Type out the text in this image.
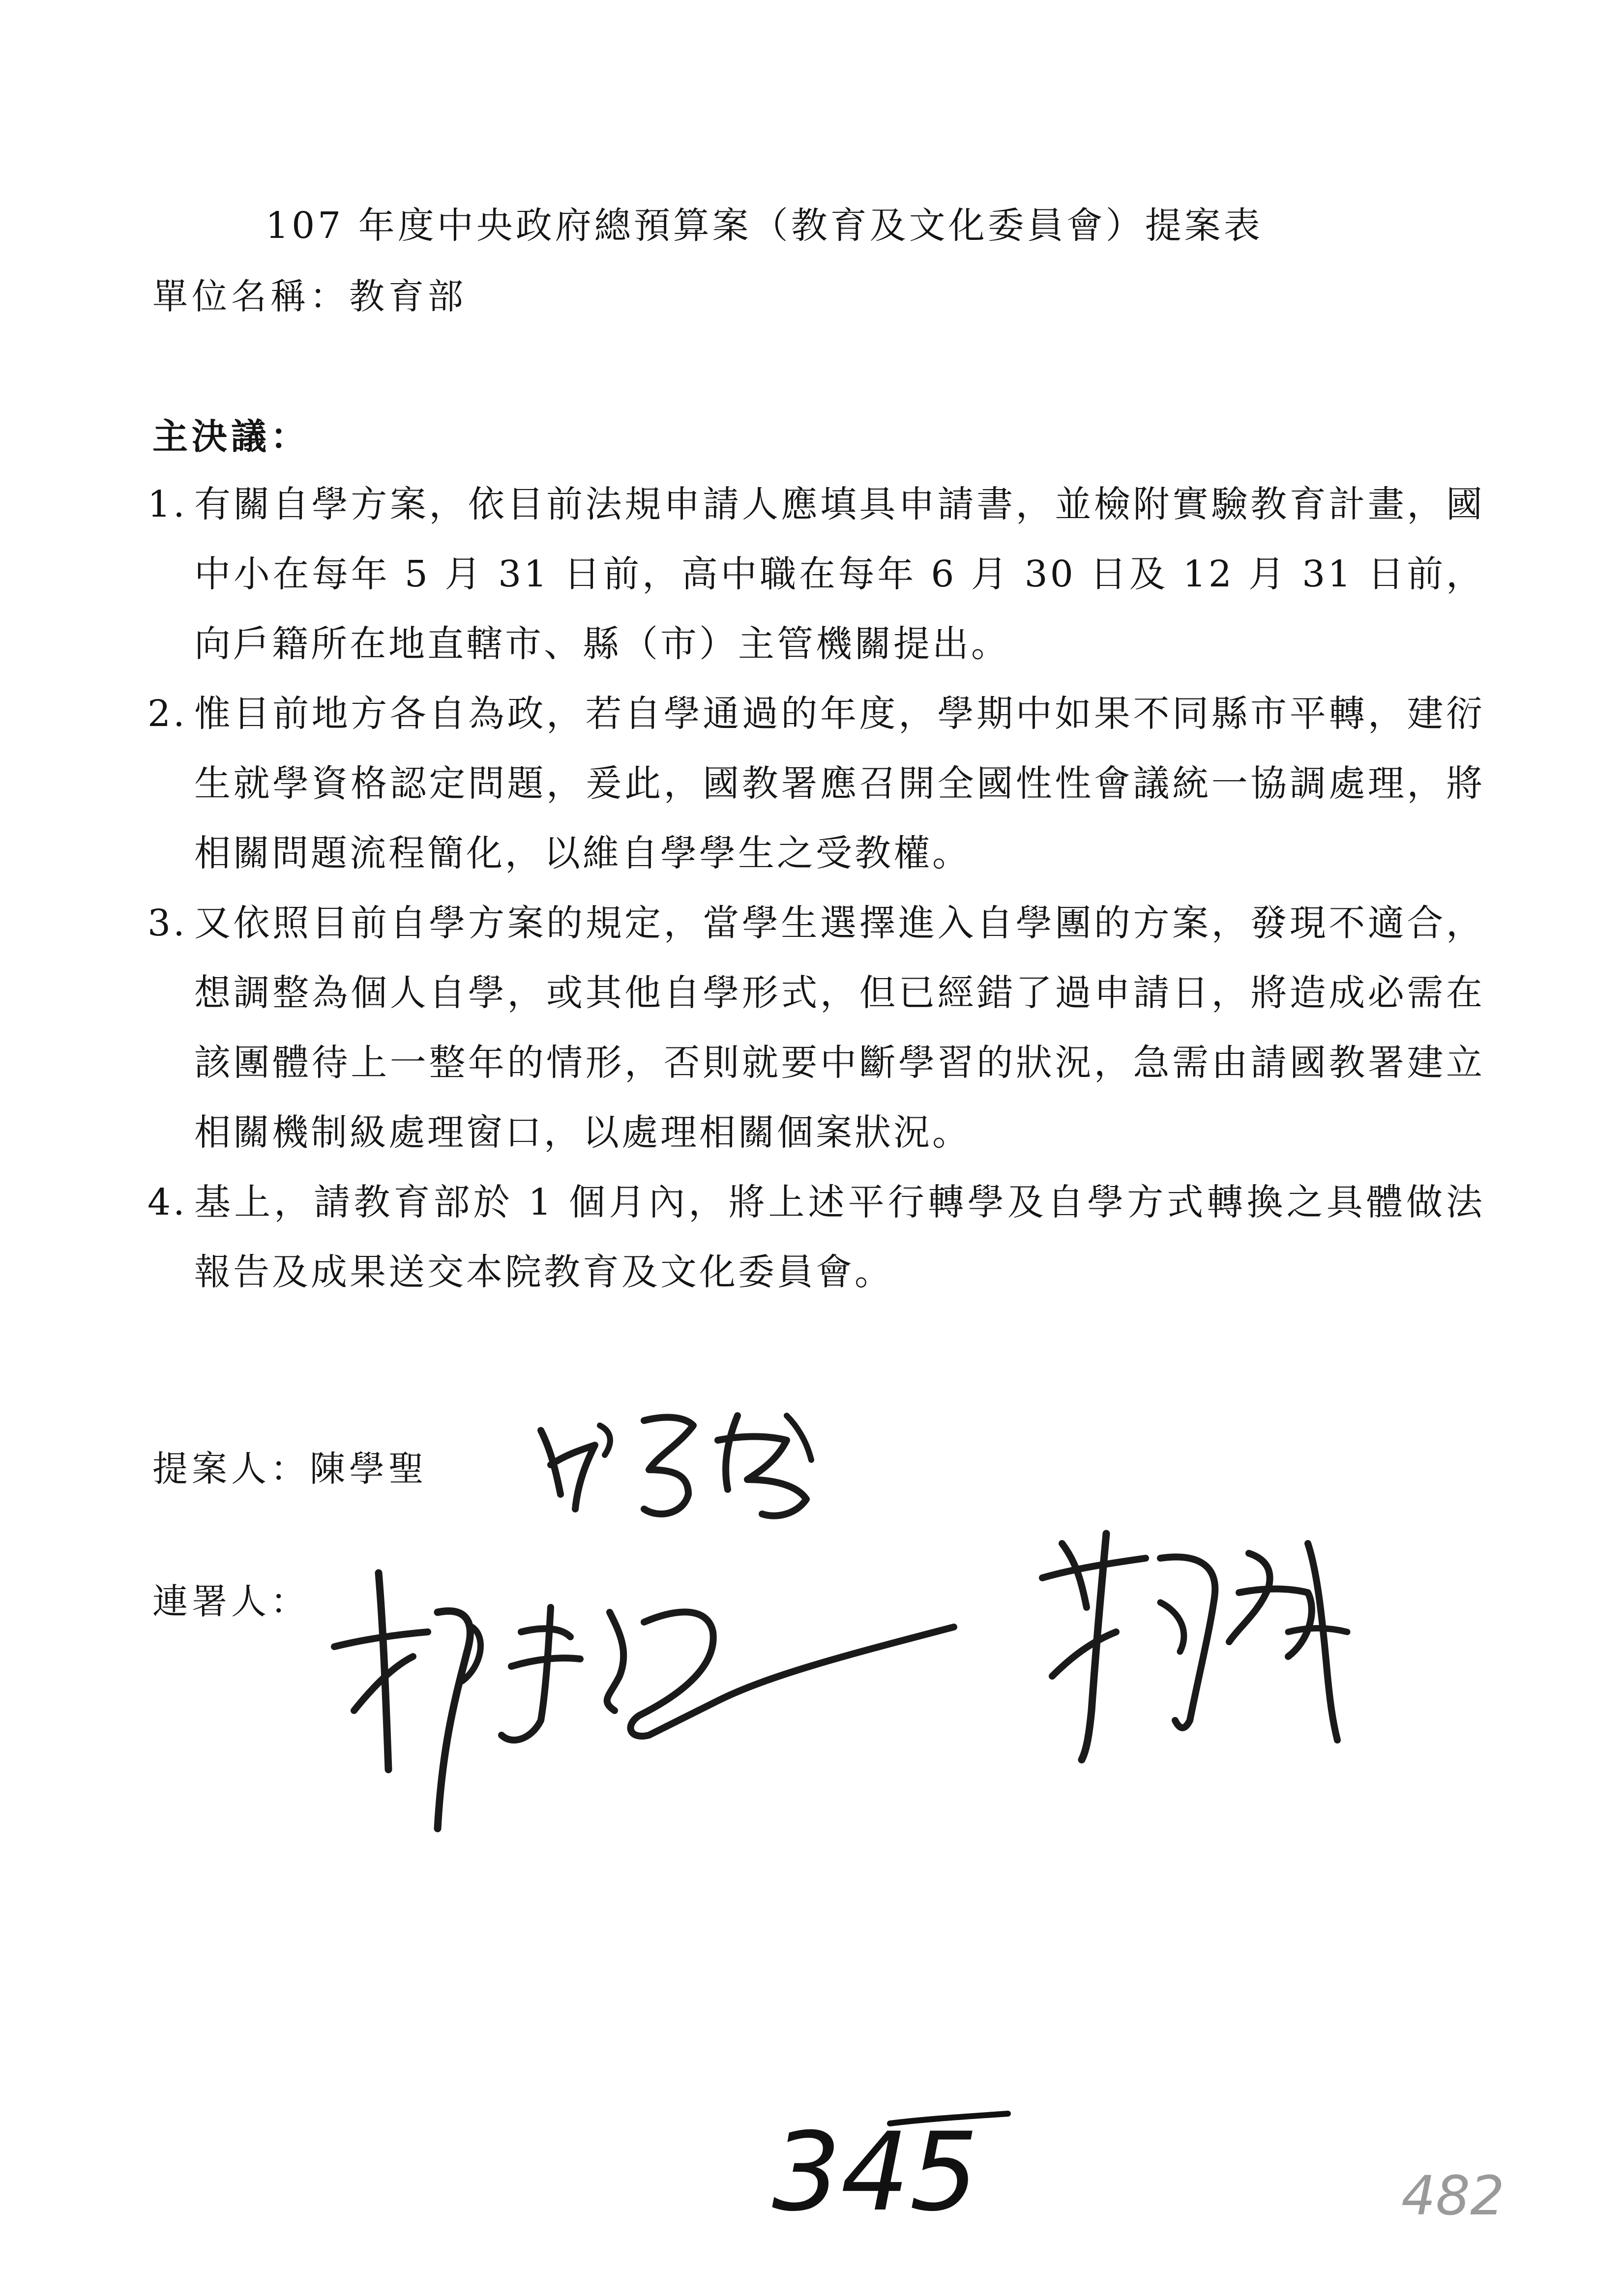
107 年度中央政府總預算案（教育及文化委員會）提案表
單位名稱：教育部
主決議：
1. 有關自學方案，依目前法規申請人應填具申請書，並檢附實驗教育計畫，國中小在每年 5 月 31 日前，高中職在每年 6 月 30 日及 12 月 31 日前，向戶籍所在地直轄市、縣（市）主管機關提出。
2. 惟目前地方各自為政，若自學通過的年度，學期中如果不同縣市平轉，建衍生就學資格認定問題，爰此，國教署應召開全國性性會議統一協調處理，將相關問題流程簡化，以維自學學生之受教權。
3. 又依照目前自學方案的規定，當學生選擇進入自學團的方案，發現不適合，想調整為個人自學，或其他自學形式，但已經錯了過申請日，將造成必需在該團體待上一整年的情形，否則就要中斷學習的狀況，急需由請國教署建立相關機制級處理窗口，以處理相關個案狀況。
4. 基上，請教育部於 1 個月內，將上述平行轉學及自學方式轉換之具體做法報告及成果送交本院教育及文化委員會。
提案人：陳學聖
連署人：
345	482
